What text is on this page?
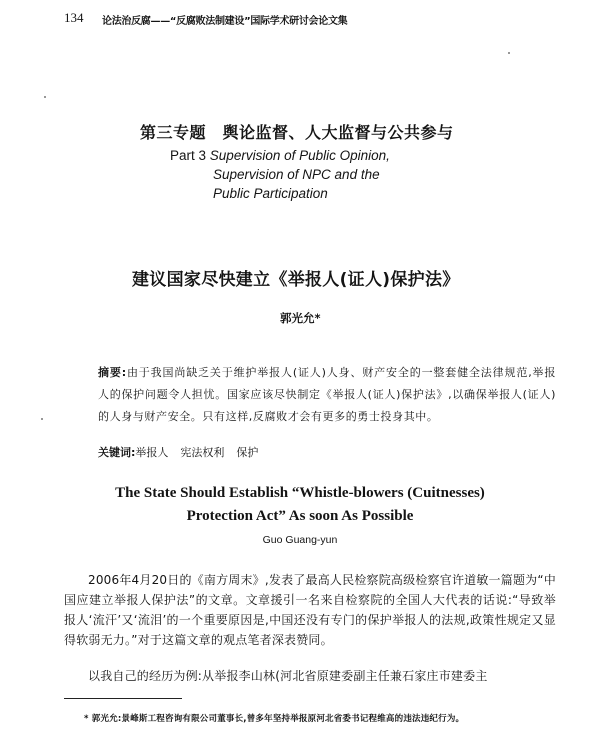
134 论法治反腐——“反腐败法制建设”国际学术研讨会论文集
第三专题　舆论监督、人大监督与公共参与
Part 3 Supervision of Public Opinion,
Supervision of NPC and the
Public Participation
建议国家尽快建立《举报人(证人)保护法》
郭光允*
摘要:由于我国尚缺乏关于维护举报人(证人)人身、财产安全的一整套健全法律规范,举报人的保护问题令人担忧。国家应该尽快制定《举报人(证人)保护法》,以确保举报人(证人)的人身与财产安全。只有这样,反腐败才会有更多的勇士投身其中。
关键词:举报人 宪法权利 保护
The State Should Establish “Whistle-blowers (Cuitnesses)
Protection Act” As soon As Possible
Guo Guang-yun
2006年4月20日的《南方周末》,发表了最高人民检察院高级检察官许道敏一篇题为“中国应建立举报人保护法”的文章。文章援引一名来自检察院的全国人大代表的话说:“导致举报人‘流汗’又‘流泪’的一个重要原因是,中国还没有专门的保护举报人的法规,政策性规定又显得软弱无力。”对于这篇文章的观点笔者深表赞同。
以我自己的经历为例:从举报李山林(河北省原建委副主任兼石家庄市建委主
* 郭光允:景峰斯工程咨询有限公司董事长,曾多年坚持举报原河北省委书记程维高的违法违纪行为。
